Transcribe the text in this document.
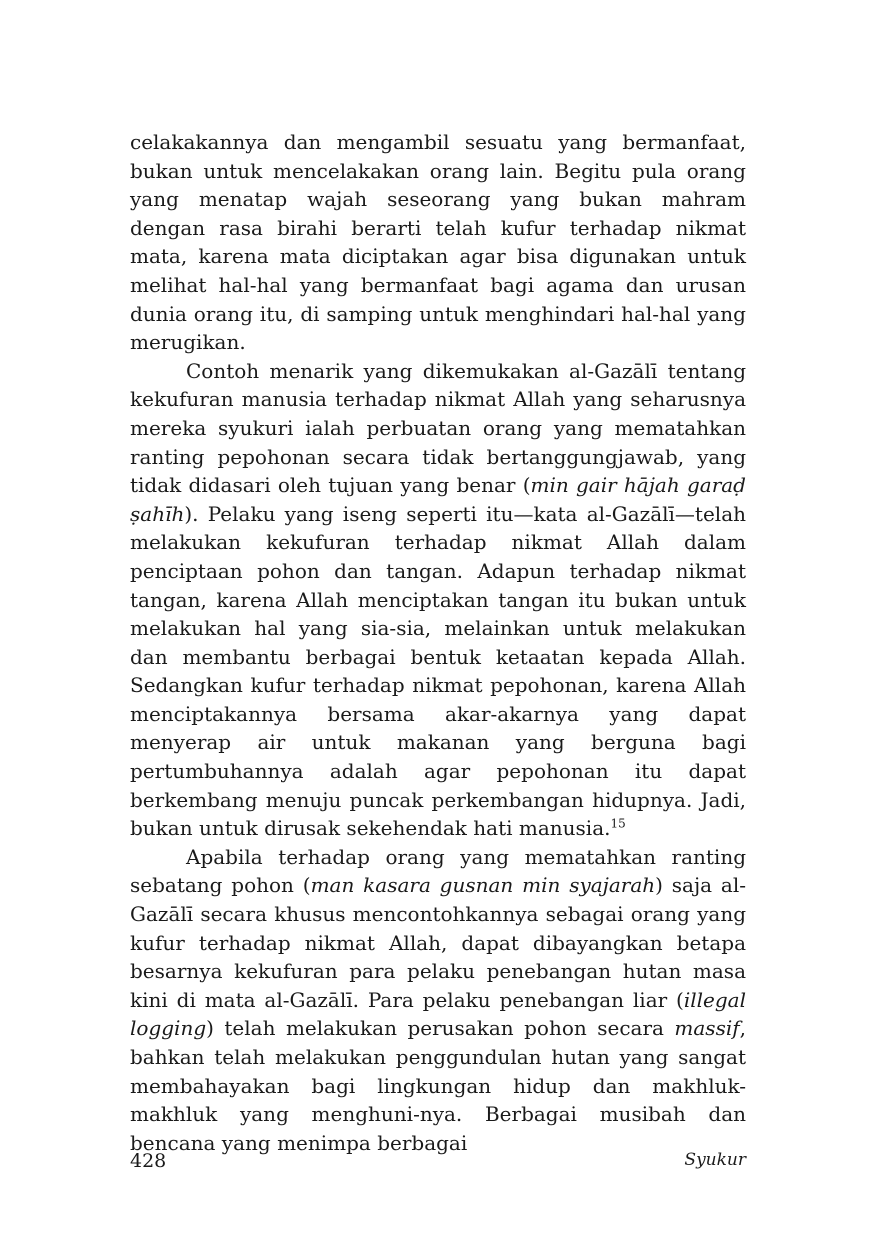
celakakannya dan mengambil sesuatu yang bermanfaat, bukan untuk mencelakakan orang lain. Begitu pula orang yang menatap wajah seseorang yang bukan mahram dengan rasa birahi berarti telah kufur terhadap nikmat mata, karena mata diciptakan agar bisa digunakan untuk melihat hal-hal yang bermanfaat bagi agama dan urusan dunia orang itu, di samping untuk menghindari hal-hal yang merugikan.

Contoh menarik yang dikemukakan al-Gazālī tentang kekufuran manusia terhadap nikmat Allah yang seharusnya mereka syukuri ialah perbuatan orang yang mematahkan ranting pepohonan secara tidak bertanggungjawab, yang tidak didasari oleh tujuan yang benar (min gair hājah garaḍ ṣahīh). Pelaku yang iseng seperti itu—kata al-Gazālī—telah melakukan kekufuran terhadap nikmat Allah dalam penciptaan pohon dan tangan. Adapun terhadap nikmat tangan, karena Allah menciptakan tangan itu bukan untuk melakukan hal yang sia-sia, melainkan untuk melakukan dan membantu berbagai bentuk ketaatan kepada Allah. Sedangkan kufur terhadap nikmat pepohonan, karena Allah menciptakannya bersama akar-akarnya yang dapat menyerap air untuk makanan yang berguna bagi pertumbuhannya adalah agar pepohonan itu dapat berkembang menuju puncak perkembangan hidupnya. Jadi, bukan untuk dirusak sekehendak hati manusia.$^{15}$

Apabila terhadap orang yang mematahkan ranting sebatang pohon (man kasara gusnan min syajarah) saja al-Gazālī secara khusus mencontohkannya sebagai orang yang kufur terhadap nikmat Allah, dapat dibayangkan betapa besarnya kekufuran para pelaku penebangan hutan masa kini di mata al-Gazālī. Para pelaku penebangan liar (illegal logging) telah melakukan perusakan pohon secara massif, bahkan telah melakukan penggundulan hutan yang sangat membahayakan bagi lingkungan hidup dan makhluk-makhluk yang menghuni-nya. Berbagai musibah dan bencana yang menimpa berbagai

428	Syukur
